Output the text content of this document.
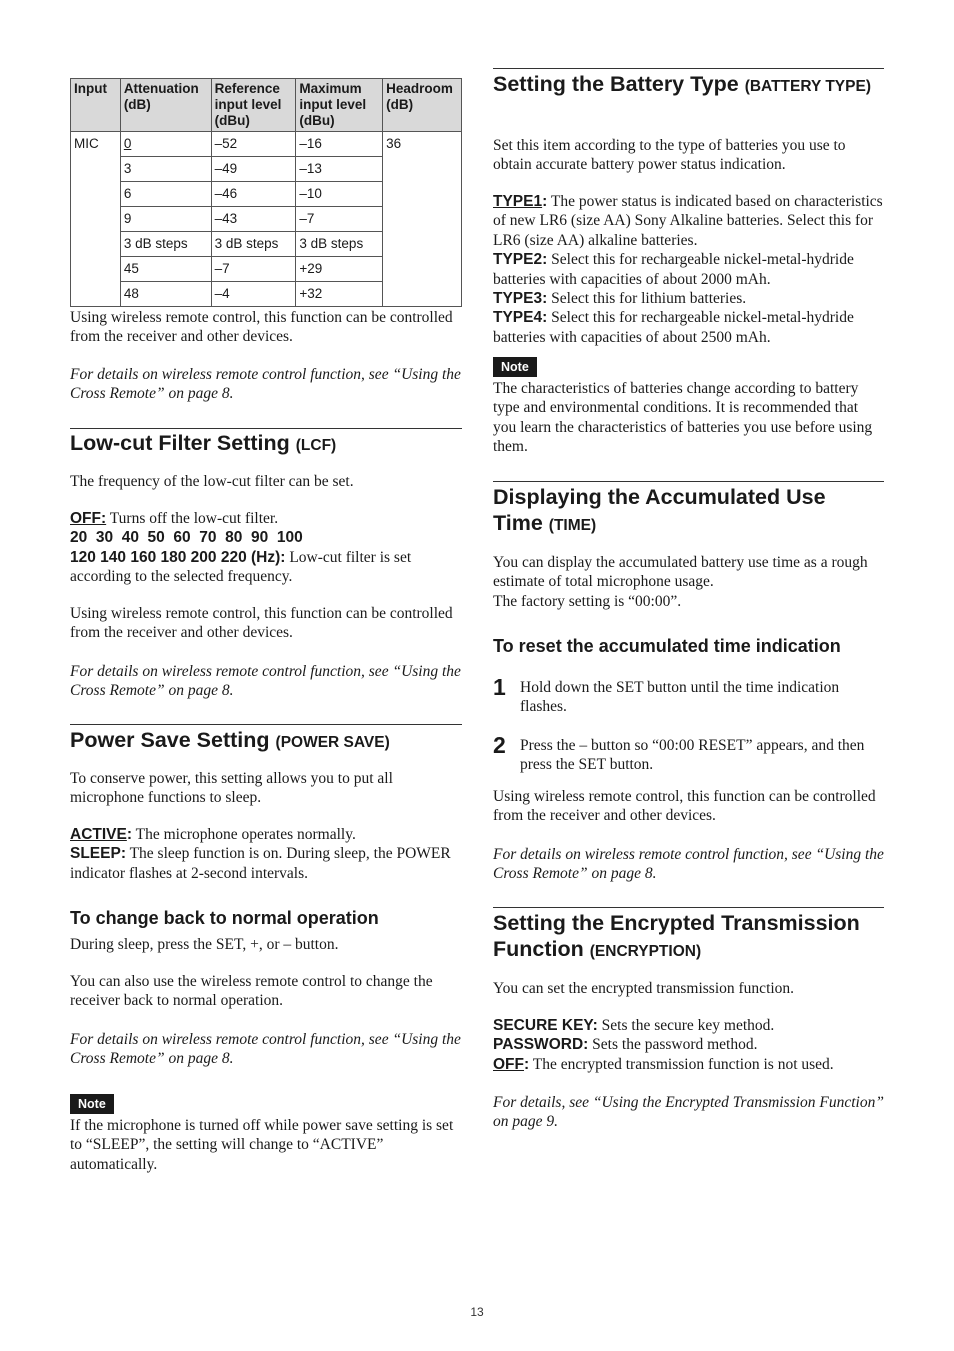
Input	Attenuation (dB)	Reference input level (dBu)	Maximum input level (dBu)	Headroom (dB)
MIC	0	–52	–16	36
	3	–49	–13	
	6	–46	–10	
	9	–43	–7	
	3 dB steps	3 dB steps	3 dB steps	
	45	–7	+29	
	48	–4	+32	

Using wireless remote control, this function can be controlled from the receiver and other devices.

For details on wireless remote control function, see “Using the Cross Remote” on page 8.

Low-cut Filter Setting (LCF)

The frequency of the low-cut filter can be set.

OFF: Turns off the low-cut filter.
20  30  40  50  60  70  80  90  100
120 140 160 180 200 220 (Hz): Low-cut filter is set according to the selected frequency.

Using wireless remote control, this function can be controlled from the receiver and other devices.

For details on wireless remote control function, see “Using the Cross Remote” on page 8.

Power Save Setting (POWER SAVE)

To conserve power, this setting allows you to put all microphone functions to sleep.

ACTIVE: The microphone operates normally.
SLEEP: The sleep function is on. During sleep, the POWER indicator flashes at 2-second intervals.

To change back to normal operation

During sleep, press the SET, +, or – button.

You can also use the wireless remote control to change the receiver back to normal operation.

For details on wireless remote control function, see “Using the Cross Remote” on page 8.

Note

If the microphone is turned off while power save setting is set to “SLEEP”, the setting will change to “ACTIVE” automatically.

Setting the Battery Type (BATTERY TYPE)

Set this item according to the type of batteries you use to obtain accurate battery power status indication.

TYPE1: The power status is indicated based on characteristics of new LR6 (size AA) Sony Alkaline batteries. Select this for LR6 (size AA) alkaline batteries.
TYPE2: Select this for rechargeable nickel-metal-hydride batteries with capacities of about 2000 mAh.
TYPE3: Select this for lithium batteries.
TYPE4: Select this for rechargeable nickel-metal-hydride batteries with capacities of about 2500 mAh.

Note

The characteristics of batteries change according to battery type and environmental conditions. It is recommended that you learn the characteristics of batteries you use before using them.

Displaying the Accumulated Use
Time (TIME)

You can display the accumulated battery use time as a rough estimate of total microphone usage.
The factory setting is “00:00”.

To reset the accumulated time indication
1 Hold down the SET button until the time indication flashes.

2 Press the – button so “00:00 RESET” appears, and then press the SET button.

Using wireless remote control, this function can be controlled from the receiver and other devices.

For details on wireless remote control function, see “Using the Cross Remote” on page 8.

Setting the Encrypted Transmission
Function (ENCRYPTION)

You can set the encrypted transmission function.

SECURE KEY: Sets the secure key method.
PASSWORD: Sets the password method.
OFF: The encrypted transmission function is not used.

For details, see “Using the Encrypted Transmission Function” on page 9.

13
